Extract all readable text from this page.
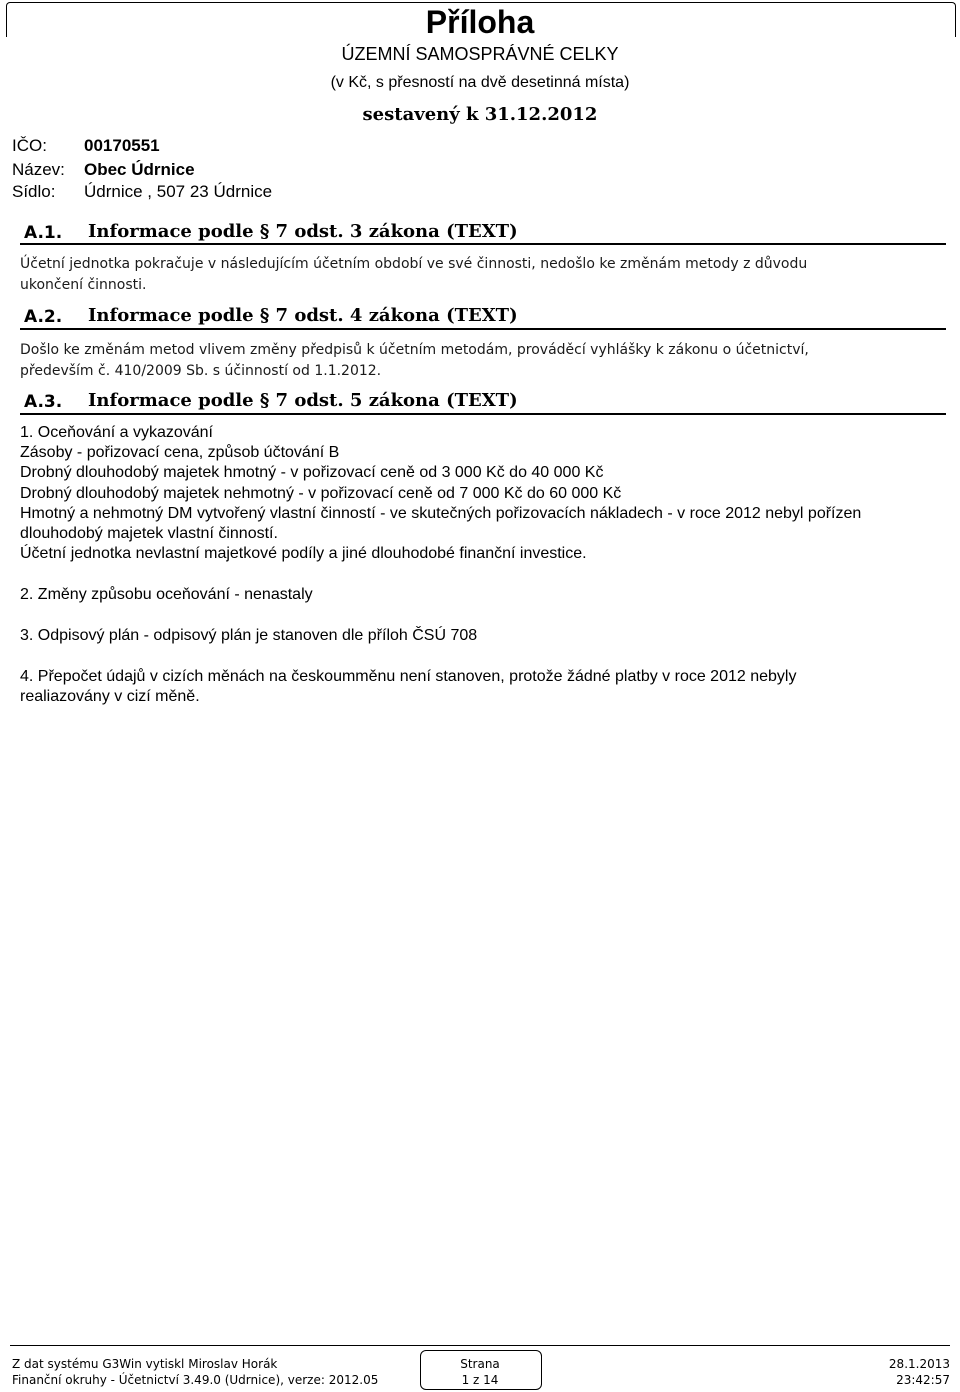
Příloha
ÚZEMNÍ SAMOSPRÁVNÉ CELKY
(v Kč, s přesností na dvě desetinná místa)
sestavený k 31.12.2012
IČO: 00170551
Název: Obec Údrnice
Sídlo: Údrnice , 507 23 Údrnice
A.1. Informace podle § 7 odst. 3 zákona (TEXT)
Účetní jednotka pokračuje v následujícím účetním období ve své činnosti, nedošlo ke změnám metody z důvodu
ukončení činnosti.
A.2. Informace podle § 7 odst. 4 zákona (TEXT)
Došlo ke změnám metod vlivem změny předpisů k účetním metodám, prováděcí vyhlášky k zákonu o účetnictví,
především č. 410/2009 Sb. s účinností od 1.1.2012.
A.3. Informace podle § 7 odst. 5 zákona (TEXT)
1. Oceňování a vykazování
Zásoby - pořizovací cena, způsob účtování B
Drobný dlouhodobý majetek hmotný - v pořizovací ceně od 3 000 Kč do 40 000 Kč
Drobný dlouhodobý majetek nehmotný - v pořizovací ceně od 7 000 Kč do 60 000 Kč
Hmotný a nehmotný DM vytvořený vlastní činností - ve skutečných pořizovacích nákladech - v roce 2012 nebyl pořízen
dlouhodobý majetek vlastní činností.
Účetní jednotka nevlastní majetkové podíly a jiné dlouhodobé finanční investice.
2. Změny způsobu oceňování - nenastaly
3. Odpisový plán - odpisový plán je stanoven dle příloh ČSÚ 708
4. Přepočet údajů v cizích měnách na českoumměnu není stanoven, protože žádné platby v roce 2012 nebyly
realiazovány v cizí měně.
Z dat systému G3Win vytiskl Miroslav Horák
Finanční okruhy - Účetnictví 3.49.0 (Udrnice), verze: 2012.05
Strana
1 z 14
28.1.2013
23:42:57
